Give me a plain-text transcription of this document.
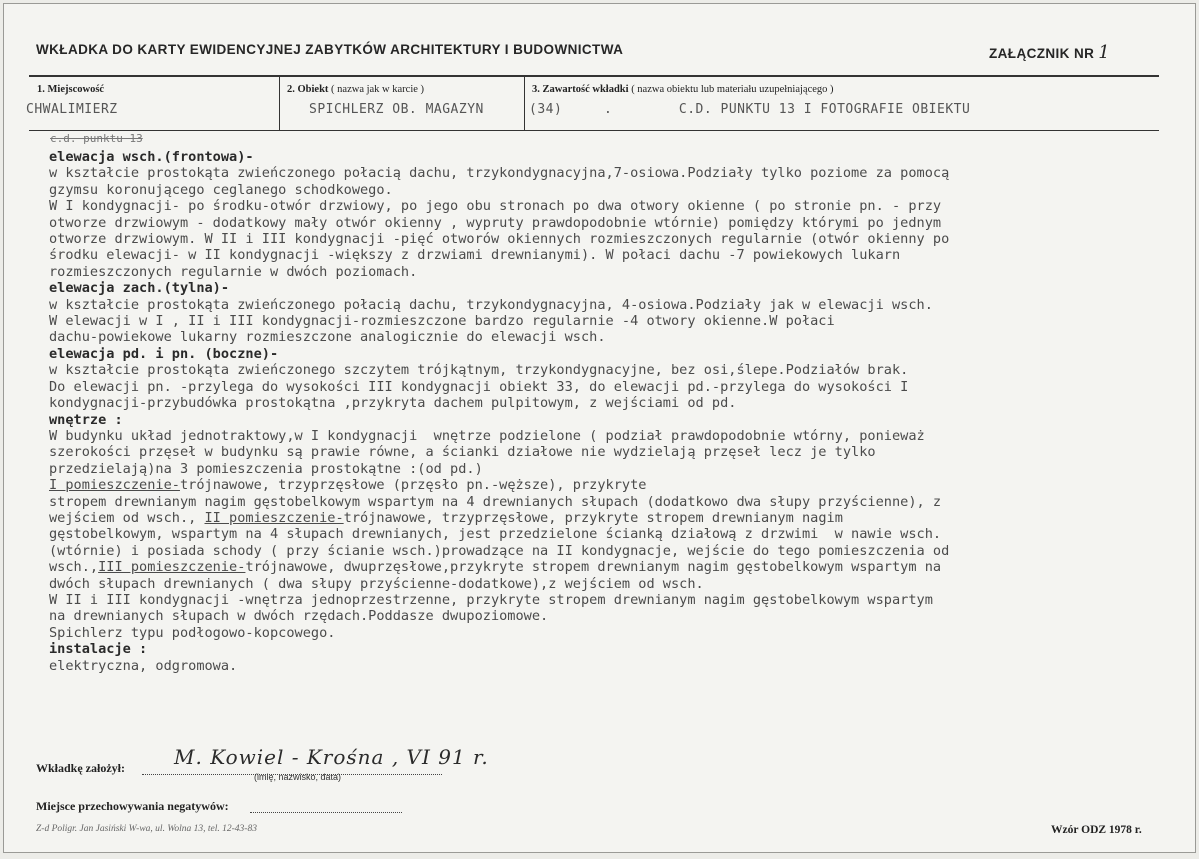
WKŁADKA DO KARTY EWIDENCYJNEJ ZABYTKÓW ARCHITEKTURY I BUDOWNICTWA	ZAŁĄCZNIK NR 1
1. Miejscowość	2. Obiekt ( nazwa jak w karcie )	3. Zawartość wkładki ( nazwa obiektu lub materiału uzupełniającego )
CHWALIMIERZ	SPICHLERZ OB. MAGAZYN	(34)     .        C.D. PUNKTU 13 I FOTOGRAFIE OBIEKTU
c.d. punktu 13
elewacja wsch.(frontowa)-
w kształcie prostokąta zwieńczonego połacią dachu, trzykondygnacyjna,7-osiowa.Podziały tylko poziome za pomocą
gzymsu koronującego ceglanego schodkowego.
W I kondygnacji- po środku-otwór drzwiowy, po jego obu stronach po dwa otwory okienne ( po stronie pn. - przy
otworze drzwiowym - dodatkowy mały otwór okienny , wypruty prawdopodobnie wtórnie) pomiędzy którymi po jednym
otworze drzwiowym. W II i III kondygnacji -pięć otworów okiennych rozmieszczonych regularnie (otwór okienny po
środku elewacji- w II kondygnacji -większy z drzwiami drewnianymi). W połaci dachu -7 powiekowych lukarn
rozmieszczonych regularnie w dwóch poziomach.
elewacja zach.(tylna)-
w kształcie prostokąta zwieńczonego połacią dachu, trzykondygnacyjna, 4-osiowa.Podziały jak w elewacji wsch.
W elewacji w I , II i III kondygnacji-rozmieszczone bardzo regularnie -4 otwory okienne.W połaci
dachu-powiekowe lukarny rozmieszczone analogicznie do elewacji wsch.
elewacja pd. i pn. (boczne)-
w kształcie prostokąta zwieńczonego szczytem trójkątnym, trzykondygnacyjne, bez osi,ślepe.Podziałów brak.
Do elewacji pn. -przylega do wysokości III kondygnacji obiekt 33, do elewacji pd.-przylega do wysokości I
kondygnacji-przybudówka prostokątna ,przykryta dachem pulpitowym, z wejściami od pd.
wnętrze :
W budynku układ jednotraktowy,w I kondygnacji  wnętrze podzielone ( podział prawdopodobnie wtórny, ponieważ
szerokości przęseł w budynku są prawie równe, a ścianki działowe nie wydzielają przęseł lecz je tylko
przedzielają)na 3 pomieszczenia prostokątne :(od pd.)
I pomieszczenie-trójnawowe, trzyprzęsłowe (przęsło pn.-węższe), przykryte
stropem drewnianym nagim gęstobelkowym wspartym na 4 drewnianych słupach (dodatkowo dwa słupy przyścienne), z
wejściem od wsch., II pomieszczenie-trójnawowe, trzyprzęsłowe, przykryte stropem drewnianym nagim
gęstobelkowym, wspartym na 4 słupach drewnianych, jest przedzielone ścianką działową z drzwimi  w nawie wsch.
(wtórnie) i posiada schody ( przy ścianie wsch.)prowadzące na II kondygnacje, wejście do tego pomieszczenia od
wsch.,III pomieszczenie-trójnawowe, dwuprzęsłowe,przykryte stropem drewnianym nagim gęstobelkowym wspartym na
dwóch słupach drewnianych ( dwa słupy przyścienne-dodatkowe),z wejściem od wsch.
W II i III kondygnacji -wnętrza jednoprzestrzenne, przykryte stropem drewnianym nagim gęstobelkowym wspartym
na drewnianych słupach w dwóch rzędach.Poddasze dwupoziomowe.
Spichlerz typu podłogowo-kopcowego.
instalacje :
elektryczna, odgromowa.
Wkładkę założył: M. Kowiel - Krośna , VI 91 r.
(imię, nazwisko, data)
Miejsce przechowywania negatywów:
Z-d Poligr. Jan Jasiński W-wa, ul. Wolna 13, tel. 12-43-83	Wzór ODZ 1978 r.
